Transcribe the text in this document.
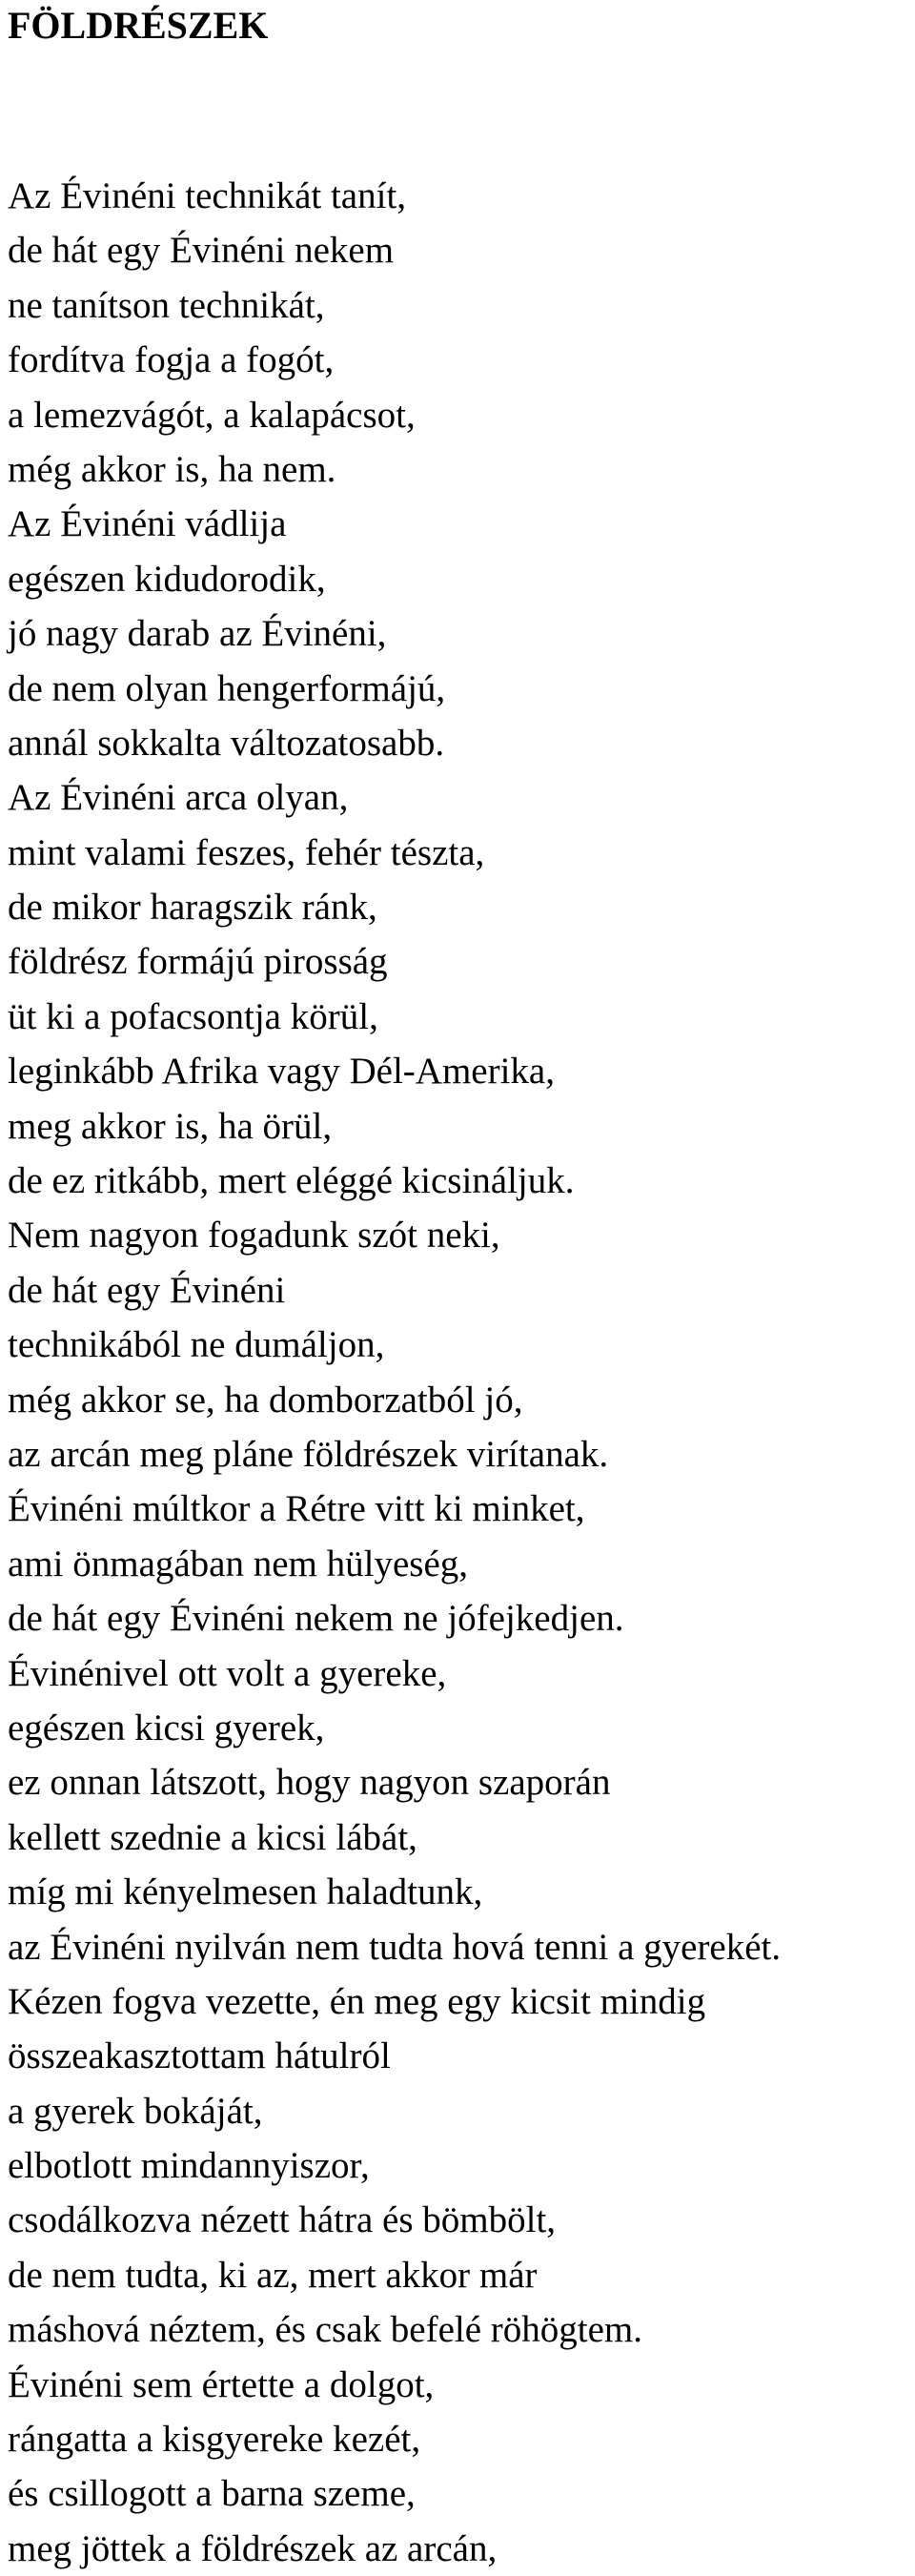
FÖLDRÉSZEK
Az Évinéni technikát tanít,
de hát egy Évinéni nekem
ne tanítson technikát,
fordítva fogja a fogót,
a lemezvágót, a kalapácsot,
még akkor is, ha nem.
Az Évinéni vádlija
egészen kidudorodik,
jó nagy darab az Évinéni,
de nem olyan hengerformájú,
annál sokkalta változatosabb.
Az Évinéni arca olyan,
mint valami feszes, fehér tészta,
de mikor haragszik ránk,
földrész formájú pirosság
üt ki a pofacsontja körül,
leginkább Afrika vagy Dél-Amerika,
meg akkor is, ha örül,
de ez ritkább, mert eléggé kicsináljuk.
Nem nagyon fogadunk szót neki,
de hát egy Évinéni
technikából ne dumáljon,
még akkor se, ha domborzatból jó,
az arcán meg pláne földrészek virítanak.
Évinéni múltkor a Rétre vitt ki minket,
ami önmagában nem hülyeség,
de hát egy Évinéni nekem ne jófejkedjen.
Évinénivel ott volt a gyereke,
egészen kicsi gyerek,
ez onnan látszott, hogy nagyon szaporán
kellett szednie a kicsi lábát,
míg mi kényelmesen haladtunk,
az Évinéni nyilván nem tudta hová tenni a gyerekét.
Kézen fogva vezette, én meg egy kicsit mindig
összeakasztottam hátulról
a gyerek bokáját,
elbotlott mindannyiszor,
csodálkozva nézett hátra és bömbölt,
de nem tudta, ki az, mert akkor már
máshová néztem, és csak befelé röhögtem.
Évinéni sem értette a dolgot,
rángatta a kisgyereke kezét,
és csillogott a barna szeme,
meg jöttek a földrészek az arcán,
